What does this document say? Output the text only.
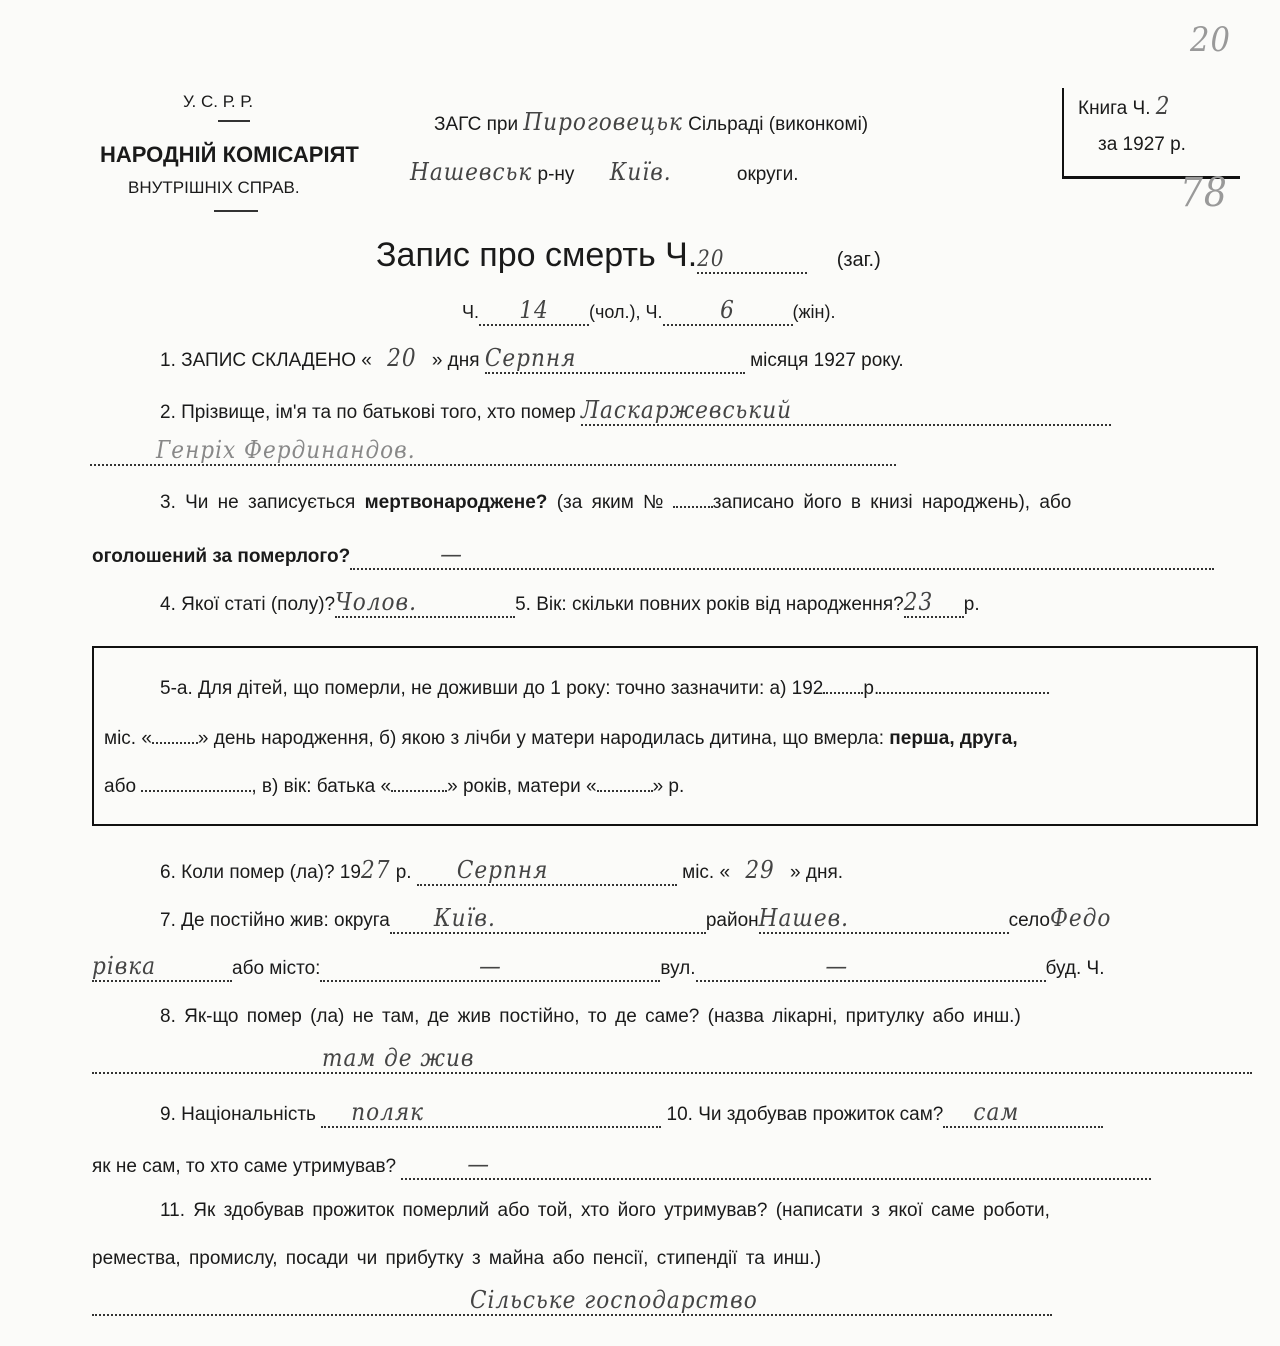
У. С. Р. Р.
НАРОДНІЙ КОМІСАРІЯТ
ВНУТРІШНІХ СПРАВ.
ЗАГС при Пироговецьк Сільраді (виконкомі)
Нашевськ р-ну Київ.	округи.
Книга Ч. 2
за 1927 р.
20
78
Запис про смерть Ч.20	(заг.)
Ч. 14 (чол.), Ч. 6	(жін).
1. ЗАПИС СКЛАДЕНО « 20 » дня Серпня	місяця 1927 року.
2. Прізвище, ім'я та по батькові того, хто помер Ласкаржевський
Генріх Фердинандов.
3. Чи не записується мертвонароджене? (за яким №	записано його в книзі народжень), або
оголошений за померлого?	—
4. Якої статі (полу)?Чолов.	5. Вік: скільки повних років від народження?23 р.
5-а. Для дітей, що померли, не доживши до 1 року: точно зазначити: а) 192 р.
міс. « » день народження, б) якою з лічби у матери народилась дитина, що вмерла: перша, друга,
або	, в) вік: батька «	» років, матери «	» р.
6. Коли помер (ла)? 1927 р. Серпня	міс. « 29 » дня.
7. Де постійно жив: округа Київ.	районНашев.	селоФедо
рівка	або місто:	—	вул.	—	буд. Ч.
8. Як-що помер (ла) не там, де жив постійно, то де саме? (назва лікарні, притулку або инш.)
там де жив
9. Національність поляк	10. Чи здобував прожиток сам? сам
як не сам, то хто саме утримував?	—
11. Як здобував прожиток померлий або той, хто його утримував? (написати з якої саме роботи,
ремества, промислу, посади чи прибутку з майна або пенсії, стипендії та инш.)
Сільське господарство
